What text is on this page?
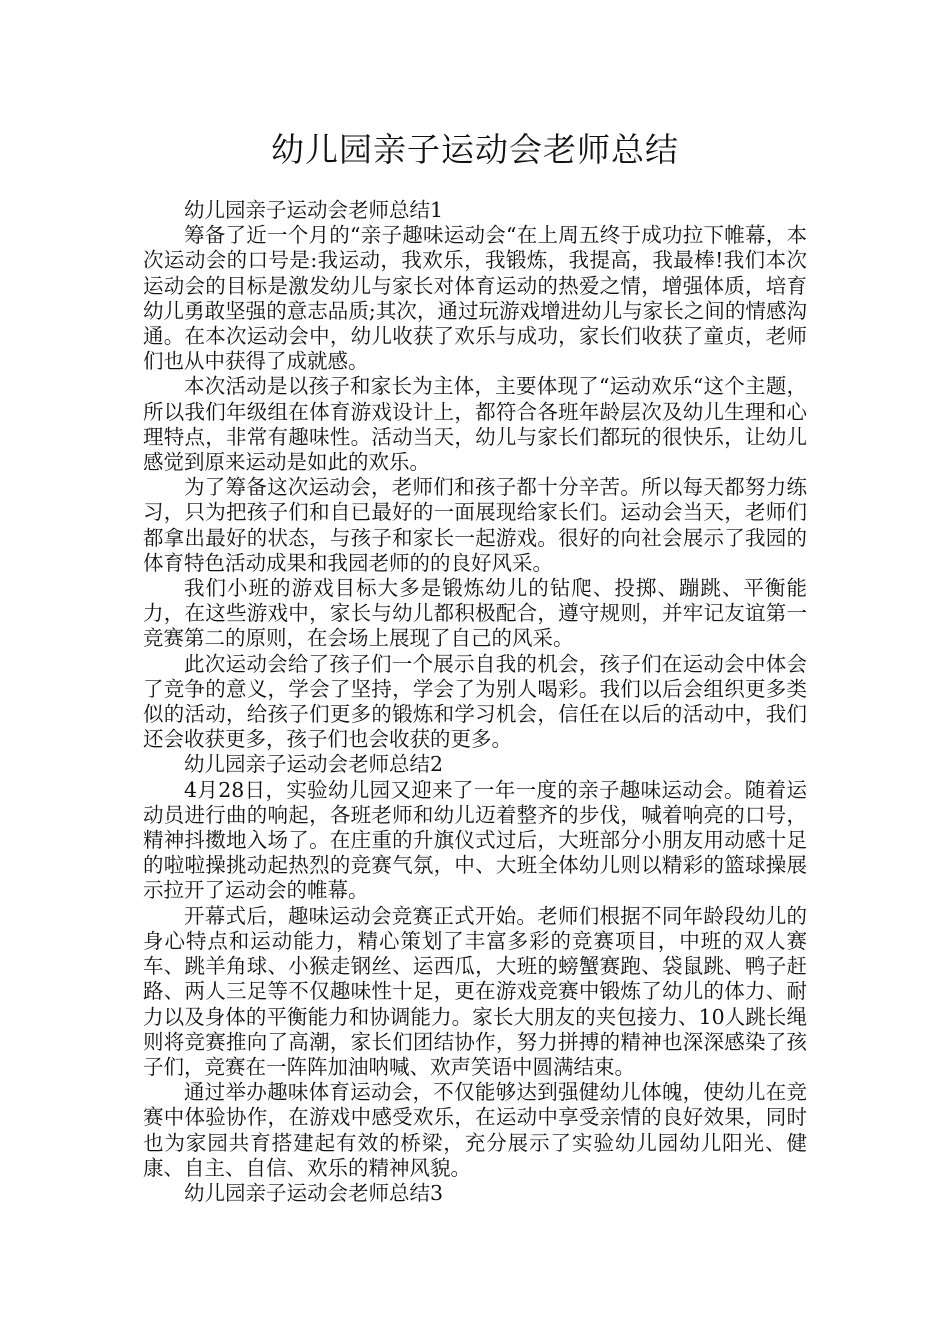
幼儿园亲子运动会老师总结

幼儿园亲子运动会老师总结1

筹备了近一个月的“亲子趣味运动会“在上周五终于成功拉下帷幕，本次运动会的口号是:我运动，我欢乐，我锻炼，我提高，我最棒!我们本次运动会的目标是激发幼儿与家长对体育运动的热爱之情，增强体质，培育幼儿勇敢坚强的意志品质;其次，通过玩游戏增进幼儿与家长之间的情感沟通。在本次运动会中，幼儿收获了欢乐与成功，家长们收获了童贞，老师们也从中获得了成就感。

本次活动是以孩子和家长为主体，主要体现了“运动欢乐“这个主题，所以我们年级组在体育游戏设计上，都符合各班年龄层次及幼儿生理和心理特点，非常有趣味性。活动当天，幼儿与家长们都玩的很快乐，让幼儿感觉到原来运动是如此的欢乐。

为了筹备这次运动会，老师们和孩子都十分辛苦。所以每天都努力练习，只为把孩子们和自已最好的一面展现给家长们。运动会当天，老师们都拿出最好的状态，与孩子和家长一起游戏。很好的向社会展示了我园的体育特色活动成果和我园老师的的良好风采。

我们小班的游戏目标大多是锻炼幼儿的钻爬、投掷、蹦跳、平衡能力，在这些游戏中，家长与幼儿都积极配合，遵守规则，并牢记友谊第一竞赛第二的原则，在会场上展现了自己的风采。

此次运动会给了孩子们一个展示自我的机会，孩子们在运动会中体会了竞争的意义，学会了坚持，学会了为别人喝彩。我们以后会组织更多类似的活动，给孩子们更多的锻炼和学习机会，信任在以后的活动中，我们还会收获更多，孩子们也会收获的更多。

幼儿园亲子运动会老师总结2

4月28日，实验幼儿园又迎来了一年一度的亲子趣味运动会。随着运动员进行曲的响起，各班老师和幼儿迈着整齐的步伐，喊着响亮的口号，精神抖擞地入场了。在庄重的升旗仪式过后，大班部分小朋友用动感十足的啦啦操挑动起热烈的竞赛气氛，中、大班全体幼儿则以精彩的篮球操展示拉开了运动会的帷幕。

开幕式后，趣味运动会竞赛正式开始。老师们根据不同年龄段幼儿的身心特点和运动能力，精心策划了丰富多彩的竞赛项目，中班的双人赛车、跳羊角球、小猴走钢丝、运西瓜，大班的螃蟹赛跑、袋鼠跳、鸭子赶路、两人三足等不仅趣味性十足，更在游戏竞赛中锻炼了幼儿的体力、耐力以及身体的平衡能力和协调能力。家长大朋友的夹包接力、10人跳长绳则将竞赛推向了高潮，家长们团结协作，努力拼搏的精神也深深感染了孩子们，竞赛在一阵阵加油呐喊、欢声笑语中圆满结束。

通过举办趣味体育运动会，不仅能够达到强健幼儿体魄，使幼儿在竞赛中体验协作，在游戏中感受欢乐，在运动中享受亲情的良好效果，同时也为家园共育搭建起有效的桥梁，充分展示了实验幼儿园幼儿阳光、健康、自主、自信、欢乐的精神风貌。

幼儿园亲子运动会老师总结3
